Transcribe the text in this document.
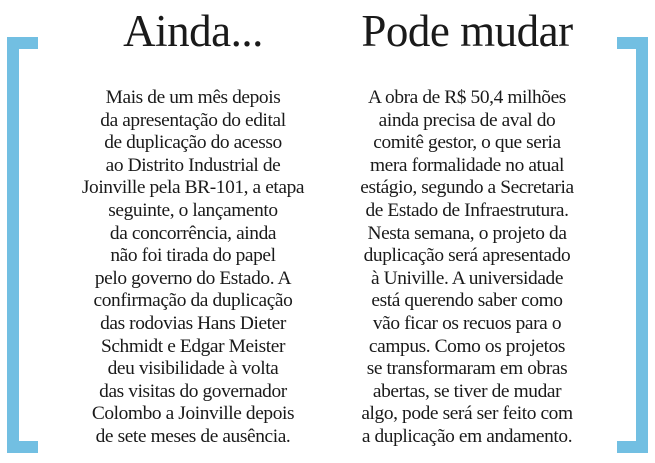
Ainda...
Mais de um mês depois
da apresentação do edital
de duplicação do acesso
ao Distrito Industrial de
Joinville pela BR-101, a etapa
seguinte, o lançamento
da concorrência, ainda
não foi tirada do papel
pelo governo do Estado. A
confirmação da duplicação
das rodovias Hans Dieter
Schmidt e Edgar Meister
deu visibilidade à volta
das visitas do governador
Colombo a Joinville depois
de sete meses de ausência.
Pode mudar
A obra de R$ 50,4 milhões
ainda precisa de aval do
comitê gestor, o que seria
mera formalidade no atual
estágio, segundo a Secretaria
de Estado de Infraestrutura.
Nesta semana, o projeto da
duplicação será apresentado
à Univille. A universidade
está querendo saber como
vão ficar os recuos para o
campus. Como os projetos
se transformaram em obras
abertas, se tiver de mudar
algo, pode será ser feito com
a duplicação em andamento.
